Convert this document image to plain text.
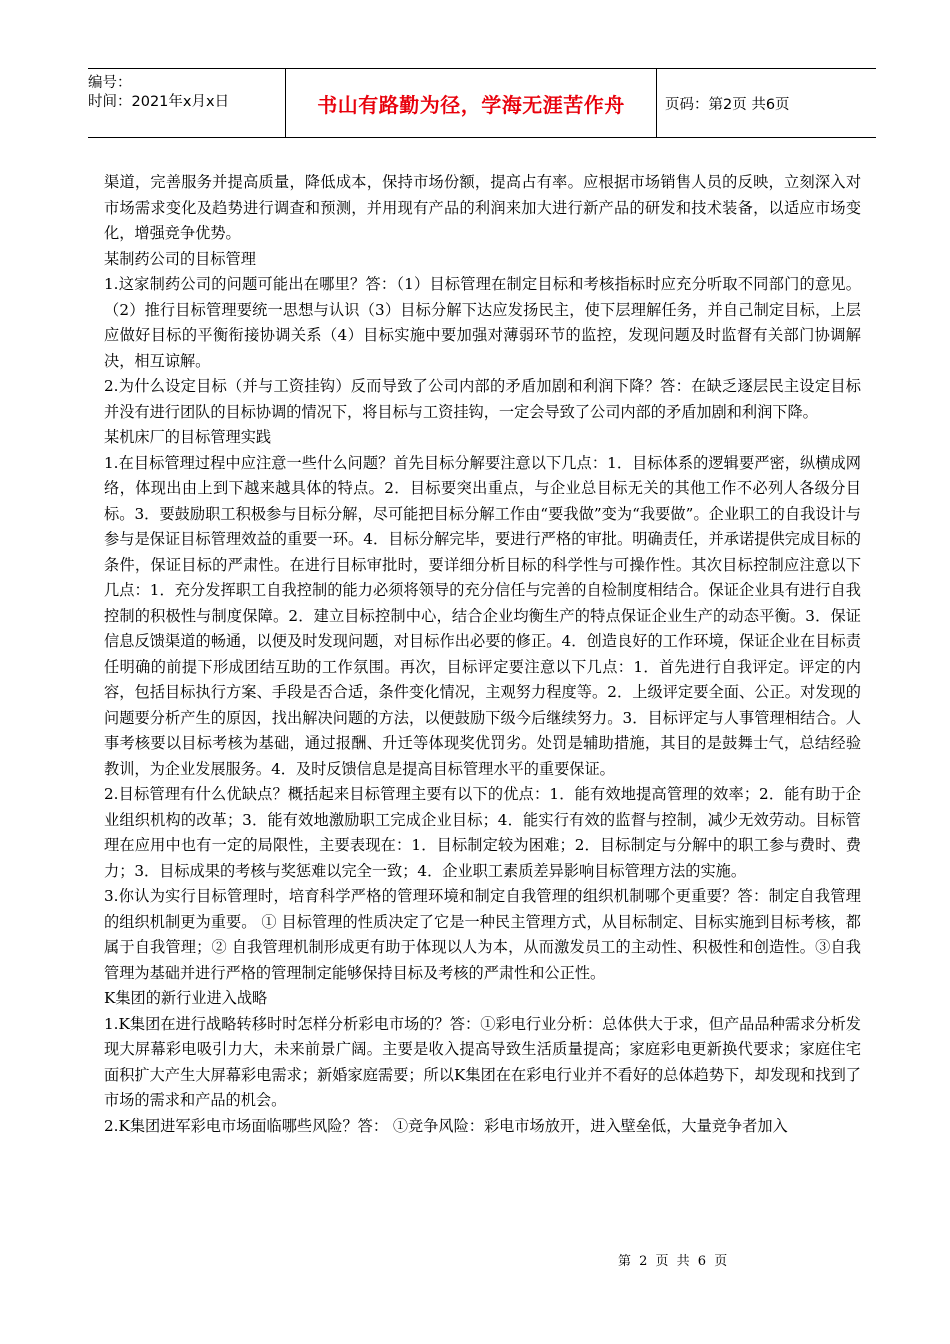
编号：
时间：2021年x月x日	书山有路勤为径，学海无涯苦作舟	页码：第2页 共6页

渠道，完善服务并提高质量，降低成本，保持市场份额，提高占有率。应根据市场销售人员的反映，立刻深入对市场需求变化及趋势进行调查和预测，并用现有产品的利润来加大进行新产品的研发和技术装备，以适应市场变化，增强竞争优势。

某制药公司的目标管理

1.这家制药公司的问题可能出在哪里？答：（1）目标管理在制定目标和考核指标时应充分听取不同部门的意见。（2）推行目标管理要统一思想与认识（3）目标分解下达应发扬民主，使下层理解任务，并自己制定目标，上层应做好目标的平衡衔接协调关系（4）目标实施中要加强对薄弱环节的监控，发现问题及时监督有关部门协调解决，相互谅解。

2.为什么设定目标（并与工资挂钩）反而导致了公司内部的矛盾加剧和利润下降？答：在缺乏逐层民主设定目标并没有进行团队的目标协调的情况下，将目标与工资挂钩，一定会导致了公司内部的矛盾加剧和利润下降。

某机床厂的目标管理实践

1.在目标管理过程中应注意一些什么问题？首先目标分解要注意以下几点：1．目标体系的逻辑要严密，纵横成网络，体现出由上到下越来越具体的特点。2．目标要突出重点，与企业总目标无关的其他工作不必列人各级分目标。3．要鼓励职工积极参与目标分解，尽可能把目标分解工作由“要我做”变为“我要做”。企业职工的自我设计与参与是保证目标管理效益的重要一环。4．目标分解完毕，要进行严格的审批。明确责任，并承诺提供完成目标的条件，保证目标的严肃性。在进行目标审批时，要详细分析目标的科学性与可操作性。其次目标控制应注意以下几点：1．充分发挥职工自我控制的能力必须将领导的充分信任与完善的自检制度相结合。保证企业具有进行自我控制的积极性与制度保障。2．建立目标控制中心，结合企业均衡生产的特点保证企业生产的动态平衡。3．保证信息反馈渠道的畅通，以便及时发现问题，对目标作出必要的修正。4．创造良好的工作环境，保证企业在目标责任明确的前提下形成团结互助的工作氛围。再次，目标评定要注意以下几点：1．首先进行自我评定。评定的内容，包括目标执行方案、手段是否合适，条件变化情况，主观努力程度等。2．上级评定要全面、公正。对发现的问题要分析产生的原因，找出解决问题的方法，以便鼓励下级今后继续努力。3．目标评定与人事管理相结合。人事考核要以目标考核为基础，通过报酬、升迁等体现奖优罚劣。处罚是辅助措施，其目的是鼓舞士气，总结经验教训，为企业发展服务。4．及时反馈信息是提高目标管理水平的重要保证。

2.目标管理有什么优缺点？概括起来目标管理主要有以下的优点：1．能有效地提高管理的效率；2．能有助于企业组织机构的改革；3．能有效地激励职工完成企业目标；4．能实行有效的监督与控制，减少无效劳动。目标管理在应用中也有一定的局限性，主要表现在：1．目标制定较为困难；2．目标制定与分解中的职工参与费时、费力；3．目标成果的考核与奖惩难以完全一致；4．企业职工素质差异影响目标管理方法的实施。

3.你认为实行目标管理时，培育科学严格的管理环境和制定自我管理的组织机制哪个更重要？答：制定自我管理的组织机制更为重要。 ① 目标管理的性质决定了它是一种民主管理方式，从目标制定、目标实施到目标考核，都属于自我管理；② 自我管理机制形成更有助于体现以人为本，从而激发员工的主动性、积极性和创造性。③自我管理为基础并进行严格的管理制定能够保持目标及考核的严肃性和公正性。

K集团的新行业进入战略

1.K集团在进行战略转移时时怎样分析彩电市场的？答：①彩电行业分析：总体供大于求，但产品品种需求分析发现大屏幕彩电吸引力大，未来前景广阔。主要是收入提高导致生活质量提高；家庭彩电更新换代要求；家庭住宅面积扩大产生大屏幕彩电需求；新婚家庭需要；所以K集团在在彩电行业并不看好的总体趋势下，却发现和找到了市场的需求和产品的机会。

2.K集团进军彩电市场面临哪些风险？答： ①竞争风险：彩电市场放开，进入壁垒低，大量竞争者加入

第 2 页 共 6 页
